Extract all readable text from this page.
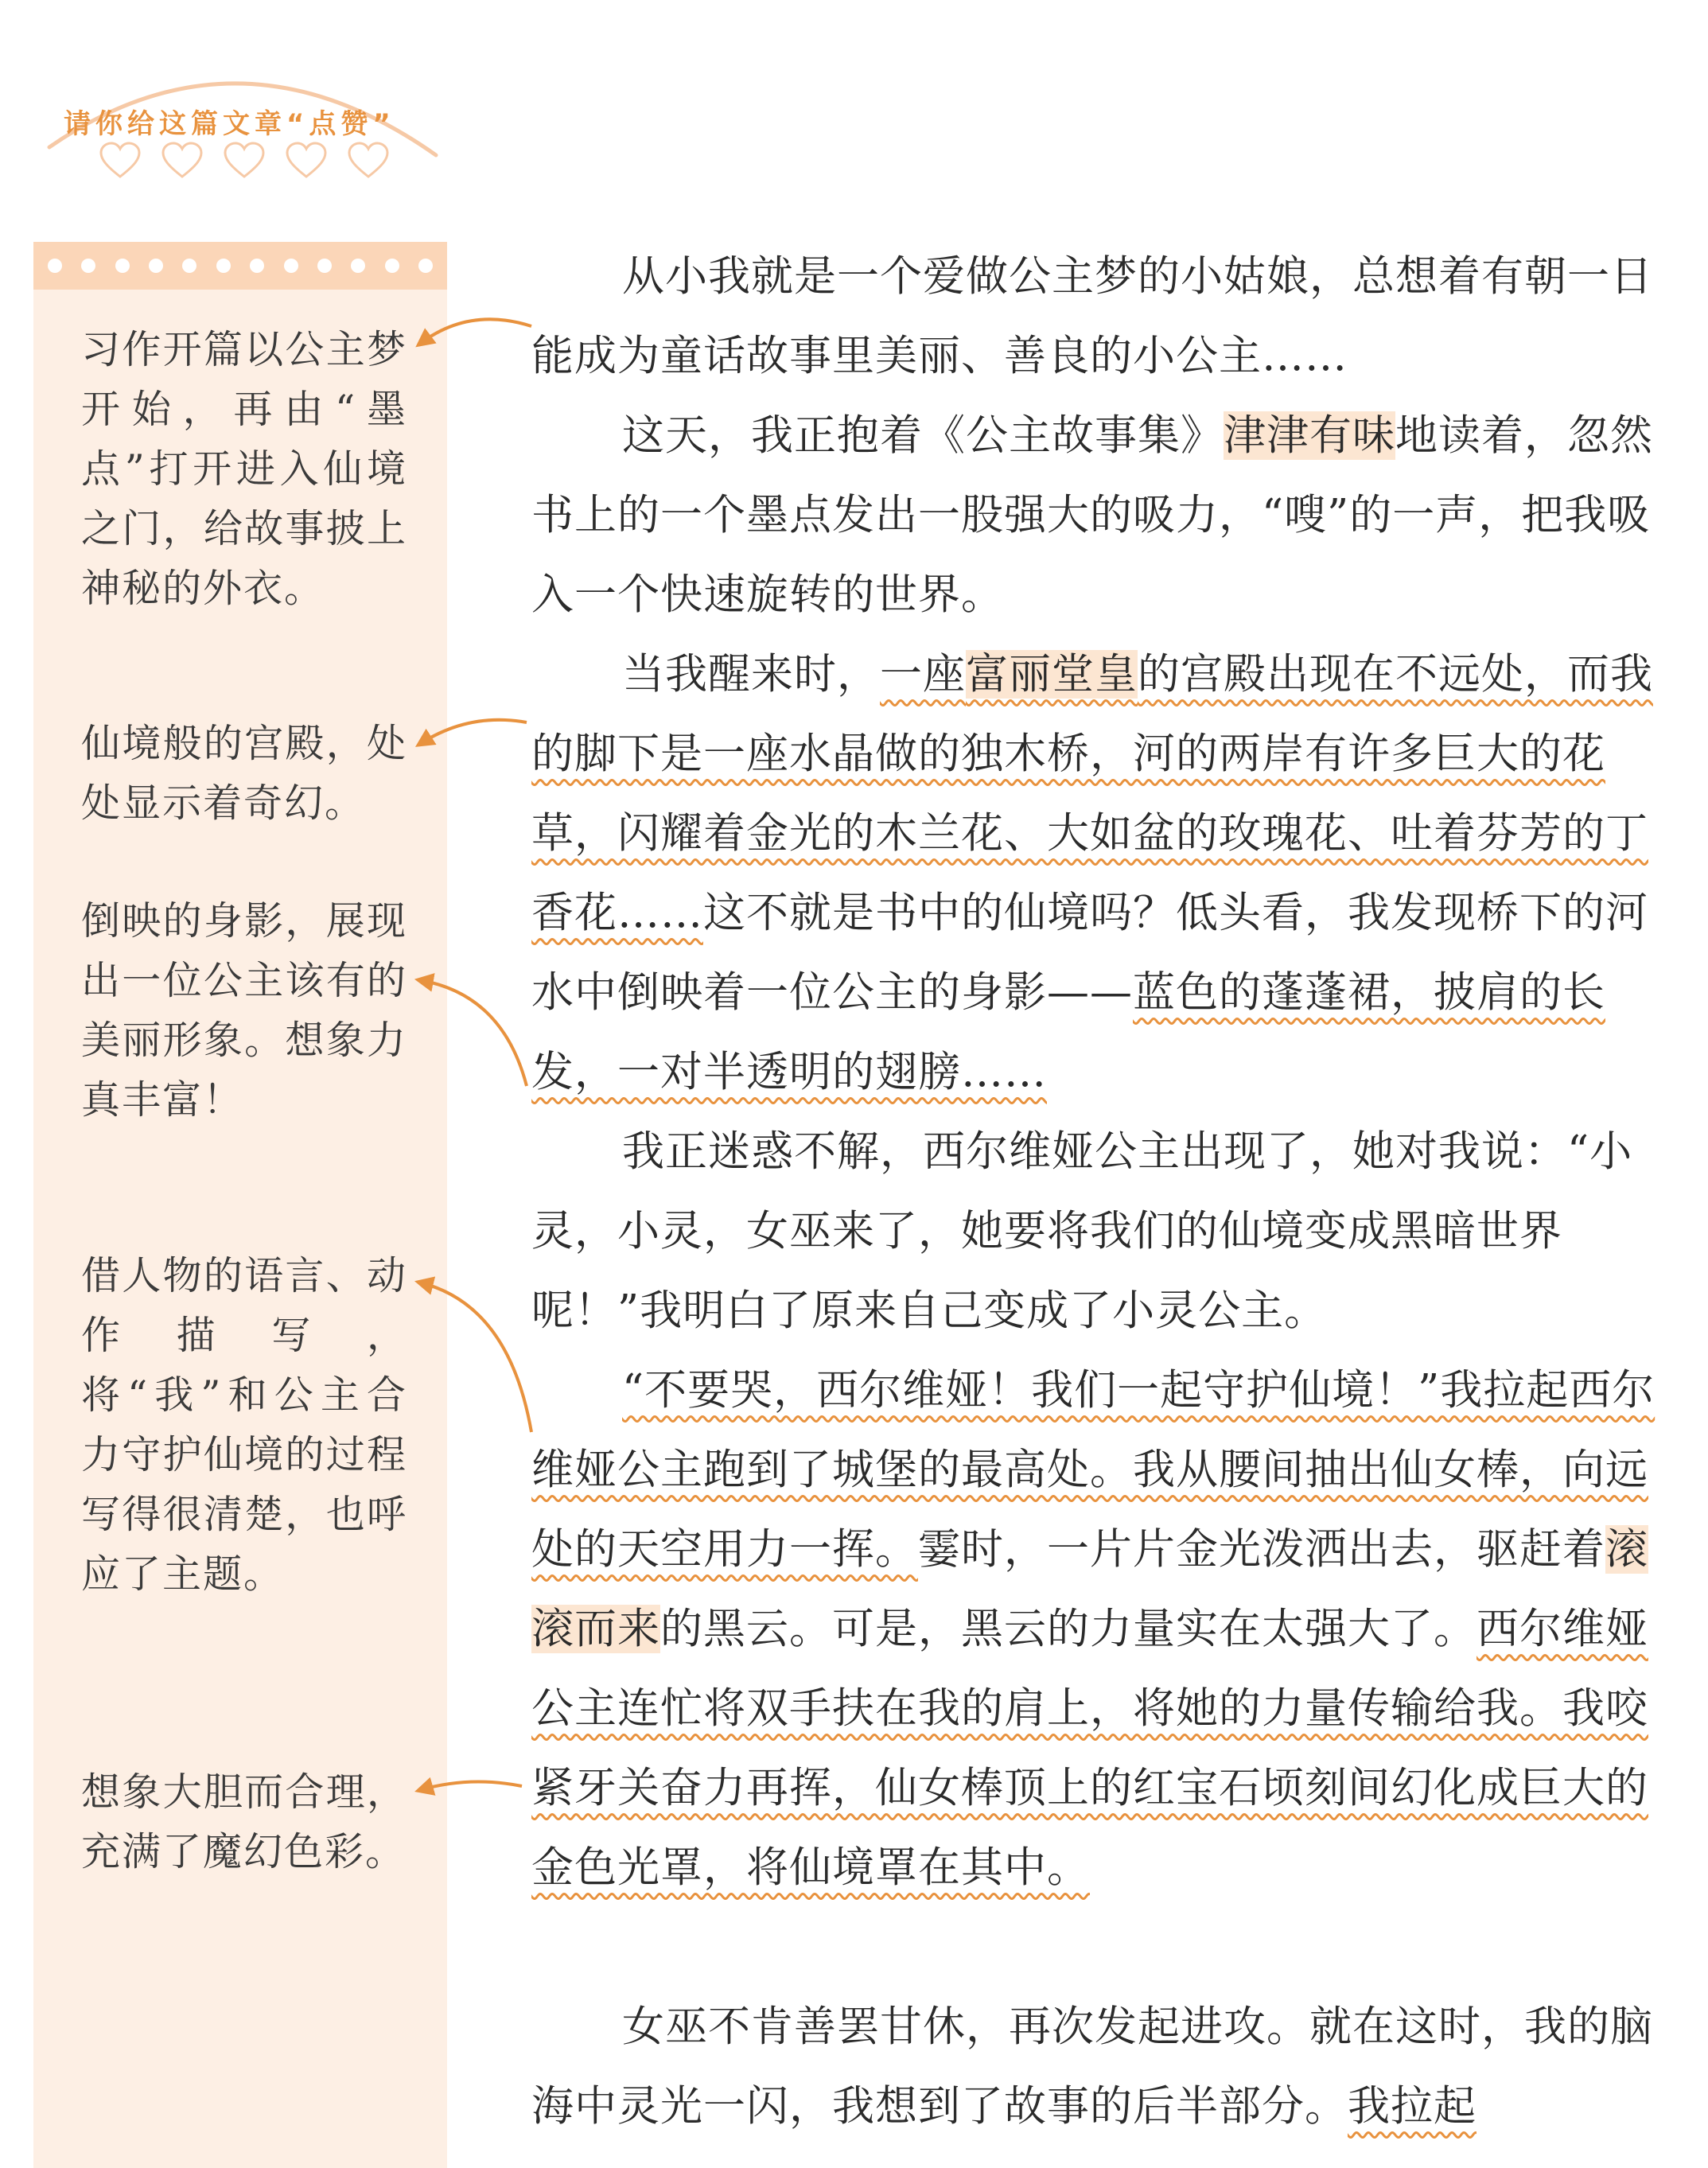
请你给这篇文章“点赞”
习作开篇以公主梦开始，再由“墨点”打开进入仙境之门，给故事披上神秘的外衣。
仙境般的宫殿，处处显示着奇幻。
倒映的身影，展现出一位公主该有的美丽形象。想象力真丰富！
借人物的语言、动作描写，将“我”和公主合力守护仙境的过程写得很清楚，也呼应了主题。
想象大胆而合理，充满了魔幻色彩。

从小我就是一个爱做公主梦的小姑娘，总想着有朝一日能成为童话故事里美丽、善良的小公主……

这天，我正抱着《公主故事集》津津有味地读着，忽然书上的一个墨点发出一股强大的吸力，“嗖”的一声，把我吸入一个快速旋转的世界。

当我醒来时，一座富丽堂皇的宫殿出现在不远处，而我的脚下是一座水晶做的独木桥，河的两岸有许多巨大的花草，闪耀着金光的木兰花、大如盆的玫瑰花、吐着芬芳的丁香花……这不就是书中的仙境吗？低头看，我发现桥下的河水中倒映着一位公主的身影——蓝色的蓬蓬裙，披肩的长发，一对半透明的翅膀……

我正迷惑不解，西尔维娅公主出现了，她对我说：“小灵，小灵，女巫来了，她要将我们的仙境变成黑暗世界呢！”我明白了原来自己变成了小灵公主。

“不要哭，西尔维娅！我们一起守护仙境！”我拉起西尔维娅公主跑到了城堡的最高处。我从腰间抽出仙女棒，向远处的天空用力一挥。霎时，一片片金光泼洒出去，驱赶着滚滚而来的黑云。可是，黑云的力量实在太强大了。西尔维娅公主连忙将双手扶在我的肩上，将她的力量传输给我。我咬紧牙关奋力再挥，仙女棒顶上的红宝石顷刻间幻化成巨大的金色光罩，将仙境罩在其中。

女巫不肯善罢甘休，再次发起进攻。就在这时，我的脑海中灵光一闪，我想到了故事的后半部分。我拉起
